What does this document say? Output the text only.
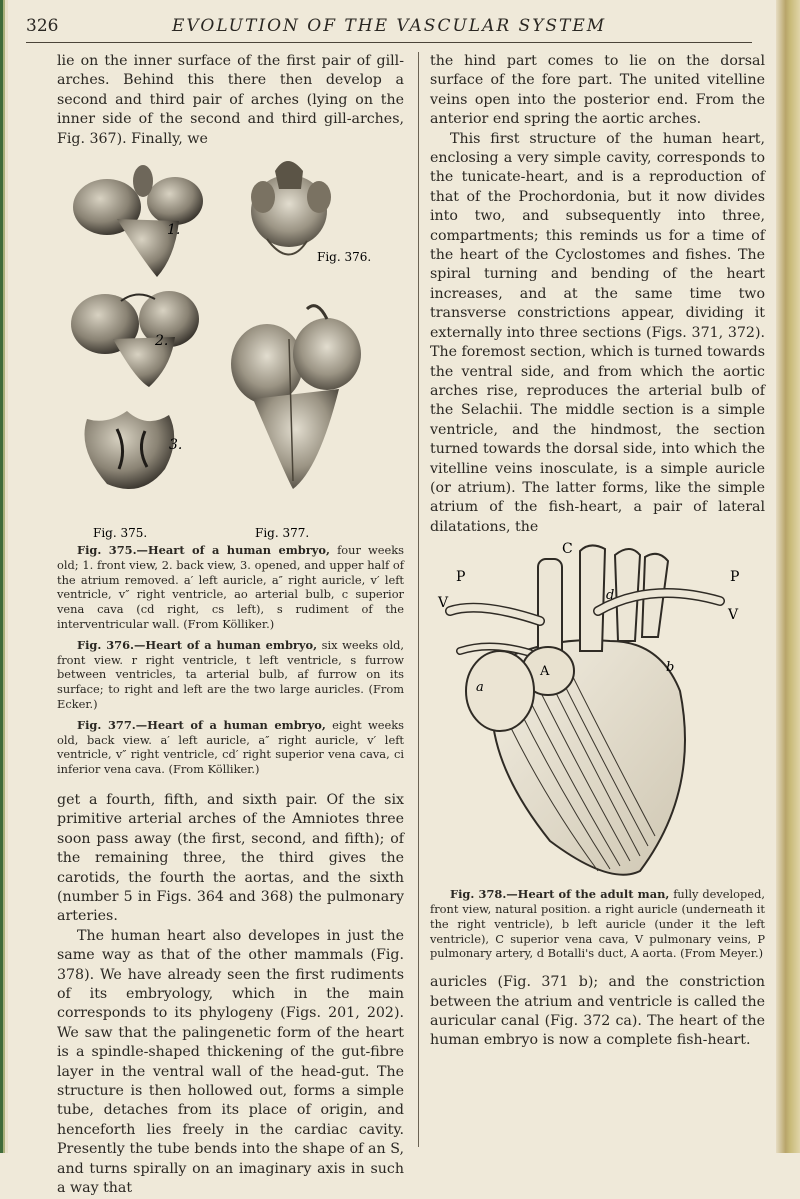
326	EVOLUTION OF THE VASCULAR SYSTEM

lie on the inner surface of the first pair of gill-arches. Behind this there then develop a second and third pair of arches (lying on the inner side of the second and third gill-arches, Fig. 367). Finally, we

1.
2.
3.
Fig. 376.
Fig. 375.	Fig. 377.

Fig. 375.—Heart of a human embryo, four weeks old; 1. front view, 2. back view, 3. opened, and upper half of the atrium removed. a′ left auricle, a″ right auricle, v′ left ventricle, v″ right ventricle, ao arterial bulb, c superior vena cava (cd right, cs left), s rudiment of the interventricular wall. (From Kölliker.)

Fig. 376.—Heart of a human embryo, six weeks old, front view. r right ventricle, t left ventricle, s furrow between ventricles, ta arterial bulb, af furrow on its surface; to right and left are the two large auricles. (From Ecker.)

Fig. 377.—Heart of a human embryo, eight weeks old, back view. a′ left auricle, a″ right auricle, v′ left ventricle, v″ right ventricle, cd′ right superior vena cava, ci inferior vena cava. (From Kölliker.)

get a fourth, fifth, and sixth pair. Of the six primitive arterial arches of the Amniotes three soon pass away (the first, second, and fifth); of the remaining three, the third gives the carotids, the fourth the aortas, and the sixth (number 5 in Figs. 364 and 368) the pulmonary arteries.

The human heart also developes in just the same way as that of the other mammals (Fig. 378). We have already seen the first rudiments of its embryology, which in the main corresponds to its phylogeny (Figs. 201, 202). We saw that the palingenetic form of the heart is a spindle-shaped thickening of the gut-fibre layer in the ventral wall of the head-gut. The structure is then hollowed out, forms a simple tube, detaches from its place of origin, and henceforth lies freely in the cardiac cavity. Presently the tube bends into the shape of an S, and turns spirally on an imaginary axis in such a way that

the hind part comes to lie on the dorsal surface of the fore part. The united vitelline veins open into the posterior end. From the anterior end spring the aortic arches.

This first structure of the human heart, enclosing a very simple cavity, corresponds to the tunicate-heart, and is a reproduction of that of the Prochordonia, but it now divides into two, and subsequently into three, compartments; this reminds us for a time of the heart of the Cyclostomes and fishes. The spiral turning and bending of the heart increases, and at the same time two transverse constrictions appear, dividing it externally into three sections (Figs. 371, 372). The foremost section, which is turned towards the ventral side, and from which the aortic arches rise, reproduces the arterial bulb of the Selachii. The middle section is a simple ventricle, and the hindmost, the section turned towards the dorsal side, into which the vitelline veins inosculate, is a simple auricle (or atrium). The latter forms, like the simple atrium of the fish-heart, a pair of lateral dilatations, the

C
P	P
V
V
A
d
a
b

Fig. 378.—Heart of the adult man, fully developed, front view, natural position. a right auricle (underneath it the right ventricle), b left auricle (under it the left ventricle), C superior vena cava, V pulmonary veins, P pulmonary artery, d Botalli's duct, A aorta. (From Meyer.)

auricles (Fig. 371 b); and the constriction between the atrium and ventricle is called the auricular canal (Fig. 372 ca). The heart of the human embryo is now a complete fish-heart.
